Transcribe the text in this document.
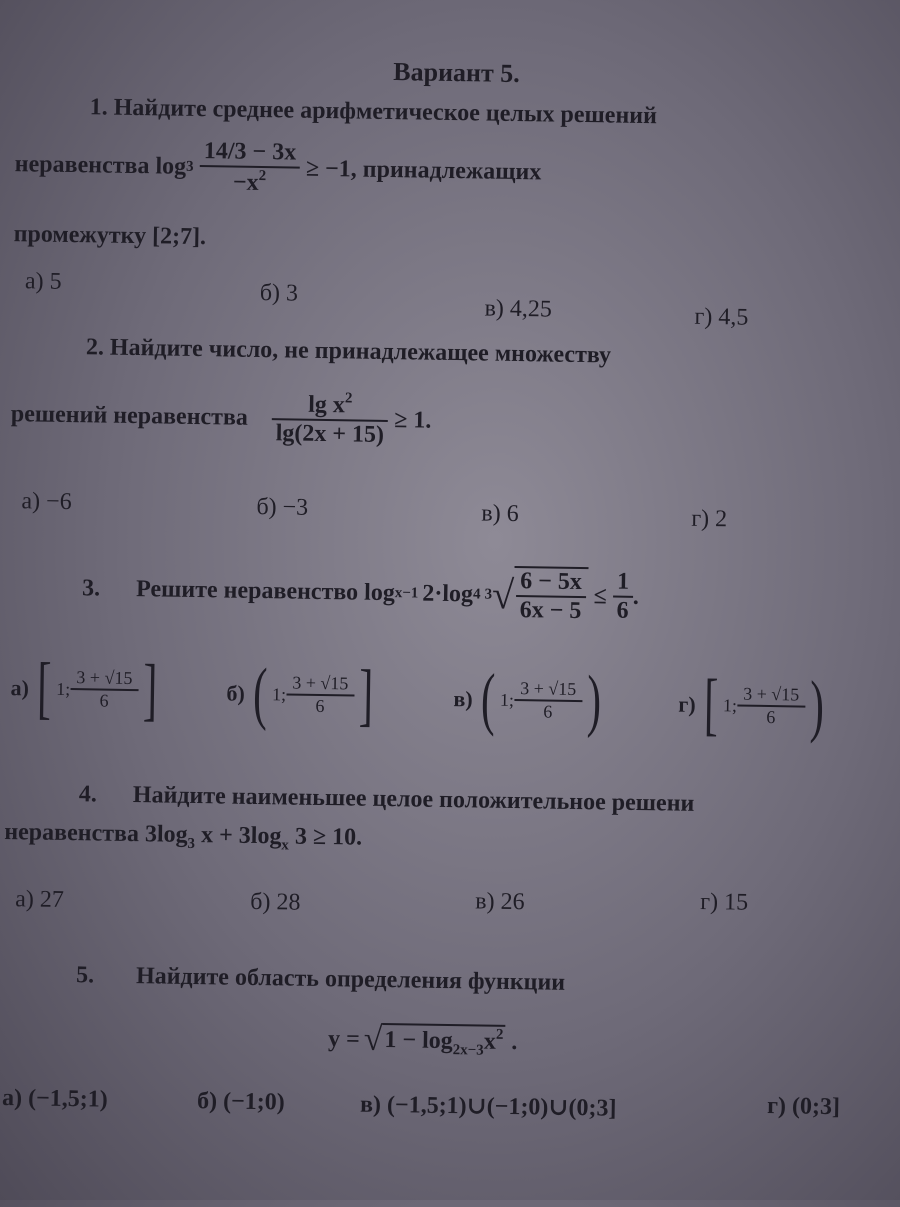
Вариант 5.
1. Найдите среднее арифметическое целых решений
неравенства $\log 3 \frac{14/3 - 3x}{-x^2} \ge -1$, принадлежащих
промежутку [2;7].
а) 5	б) 3
в) 4,25	г) 4,5
2. Найдите число, не принадлежащее множеству
решений неравенства $\frac{\lg x^2}{\lg(2x + 15)} \ge 1$.
а) −6	б) −3	в) 6	г) 2
3. Решите неравенство log x−1 2·log 4 3 √ $\frac{6 - 5x}{6x - 5} \le \frac{1}{6}$ .
а) [ 1; $\frac{3 + √15}{6}$ ]	б) ( 1; $\frac{3 + √15}{6}$ ]	в) ( 1; $\frac{3 + √15}{6}$ )	г) [ 1; $\frac{3 + √15}{6}$ )
4. Найдите наименьшее целое положительное решени
неравенства $3\log_3$ $x + 3\log_x$ 3 ≥ 10.
а) 27	б) 28	в) 26	г) 15
5. Найдите область определения функции
y = √ $1 - \log_{2x-3}x^2$ .
а) (−1,5;1)	б) (−1;0)	в) (−1,5;1)∪(−1;0)∪(0;3]	г) (0;3]
